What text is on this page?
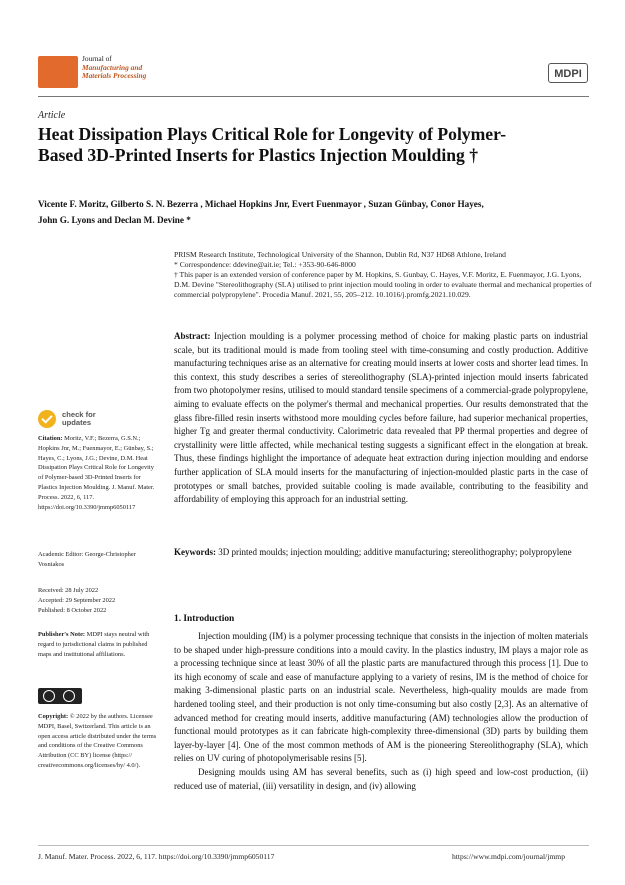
Journal of
Manufacturing and
Materials Processing	MDPI
Article
Heat Dissipation Plays Critical Role for Longevity of Polymer-Based 3D-Printed Inserts for Plastics Injection Moulding †
Vicente F. Moritz, Gilberto S. N. Bezerra , Michael Hopkins Jnr, Evert Fuenmayor , Suzan Günbay, Conor Hayes,
John G. Lyons and Declan M. Devine *

PRISM Research Institute, Technological University of the Shannon, Dublin Rd, N37 HD68 Athlone, Ireland

* Correspondence: ddevine@ait.ie; Tel.: +353-90-646-8000

† This paper is an extended version of conference paper by M. Hopkins, S. Gunbay, C. Hayes, V.F. Moritz, E. Fuenmayor, J.G. Lyons, D.M. Devine "Stereolithography (SLA) utilised to print injection mould tooling in order to evaluate thermal and mechanical properties of commercial polypropylene". Procedia Manuf. 2021, 55, 205–212. 10.1016/j.promfg.2021.10.029.

Abstract: Injection moulding is a polymer processing method of choice for making plastic parts on industrial scale, but its traditional mould is made from tooling steel with time-consuming and costly production. Additive manufacturing techniques arise as an alternative for creating mould inserts at lower costs and shorter lead times. In this context, this study describes a series of stereolithography (SLA)-printed injection mould inserts fabricated from two photopolymer resins, utilised to mould standard tensile specimens of a commercial-grade polypropylene, aiming to evaluate effects on the polymer's thermal and mechanical properties. Our results demonstrated that the glass fibre-filled resin inserts withstood more moulding cycles before failure, had superior mechanical properties, higher Tg and greater thermal conductivity. Calorimetric data revealed that PP thermal properties and degree of crystallinity were little affected, while mechanical testing suggests a significant effect in the elongation at break. Thus, these findings highlight the importance of adequate heat extraction during injection moulding and endorse further application of SLA mould inserts for the manufacturing of injection-moulded plastic parts in the case of prototypes or small batches, provided suitable cooling is made available, contributing to the feasibility and affordability of employing this approach for an industrial setting.
Keywords: 3D printed moulds; injection moulding; additive manufacturing; stereolithography; polypropylene
1. Introduction

Injection moulding (IM) is a polymer processing technique that consists in the injection of molten materials to be shaped under high-pressure conditions into a mould cavity. In the plastics industry, IM plays a major role as a processing technique since at least 30% of all the plastic parts are manufactured through this process [1]. Due to its high economy of scale and ease of manufacture applying to a variety of resins, IM is the method of choice for making 3-dimensional plastic parts on an industrial scale. Nevertheless, high-quality moulds are made from hardened tooling steel, and their production is not only time-consuming but also costly [2,3]. As an alternative of advanced method for creating mould inserts, additive manufacturing (AM) technologies allow the production of functional mould prototypes as it can fabricate high-complexity three-dimensional (3D) parts by building them layer-by-layer [4]. One of the most common methods of AM is the pioneering Stereolithography (SLA), which relies on UV curing of photopolymerisable resins [5].

Designing moulds using AM has several benefits, such as (i) high speed and low-cost production, (ii) reduced use of material, (iii) versatility in design, and (iv) allowing

check for
updates
Citation: Moritz, V.F.; Bezerra, G.S.N.; Hopkins Jnr, M.; Fuenmayor, E.; Günbay, S.; Hayes, C.; Lyons, J.G.; Devine, D.M. Heat Dissipation Plays Critical Role for Longevity of Polymer-based 3D-Printed Inserts for Plastics Injection Moulding. J. Manuf. Mater. Process. 2022, 6, 117. https://doi.org/10.3390/jmmp6050117
Academic Editor: George-Christopher Vosniakos
Received: 28 July 2022
Accepted: 29 September 2022
Published: 8 October 2022
Publisher's Note: MDPI stays neutral with regard to jurisdictional claims in published maps and institutional affiliations.
Copyright: © 2022 by the authors. Licensee MDPI, Basel, Switzerland. This article is an open access article distributed under the terms and conditions of the Creative Commons Attribution (CC BY) license (https:// creativecommons.org/licenses/by/ 4.0/).
J. Manuf. Mater. Process. 2022, 6, 117. https://doi.org/10.3390/jmmp6050117	https://www.mdpi.com/journal/jmmp
